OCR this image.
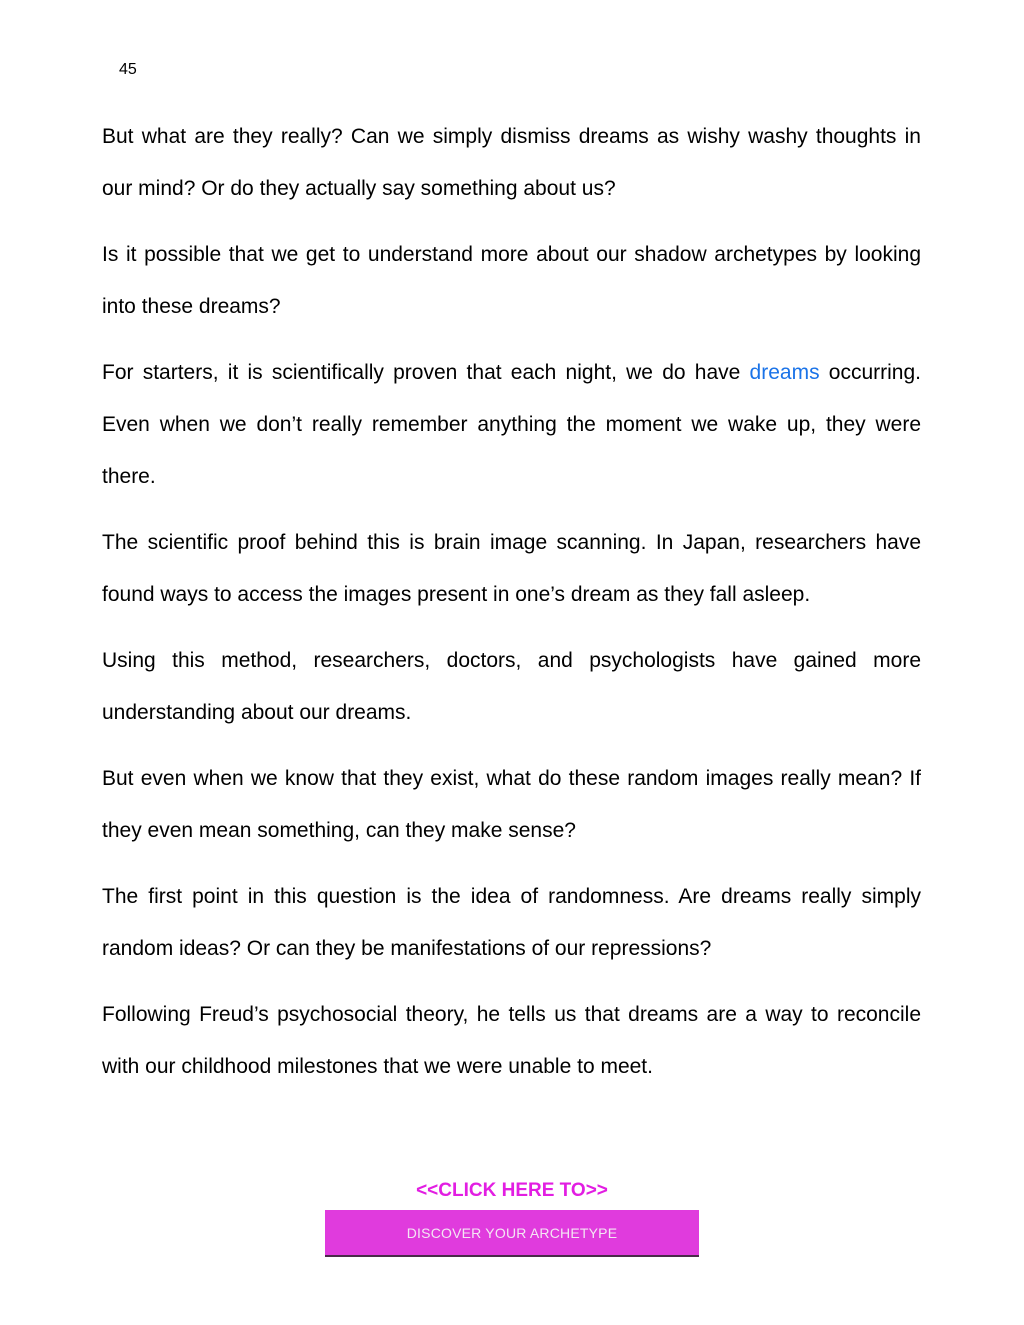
45

But what are they really? Can we simply dismiss dreams as wishy washy thoughts in our mind? Or do they actually say something about us?

Is it possible that we get to understand more about our shadow archetypes by looking into these dreams?

For starters, it is scientifically proven that each night, we do have dreams occurring. Even when we don’t really remember anything the moment we wake up, they were there.

The scientific proof behind this is brain image scanning. In Japan, researchers have found ways to access the images present in one’s dream as they fall asleep.

Using this method, researchers, doctors, and psychologists have gained more understanding about our dreams.

But even when we know that they exist, what do these random images really mean? If they even mean something, can they make sense?

The first point in this question is the idea of randomness. Are dreams really simply random ideas? Or can they be manifestations of our repressions?

Following Freud’s psychosocial theory, he tells us that dreams are a way to reconcile with our childhood milestones that we were unable to meet.

<<CLICK HERE TO>>
DISCOVER YOUR ARCHETYPE
